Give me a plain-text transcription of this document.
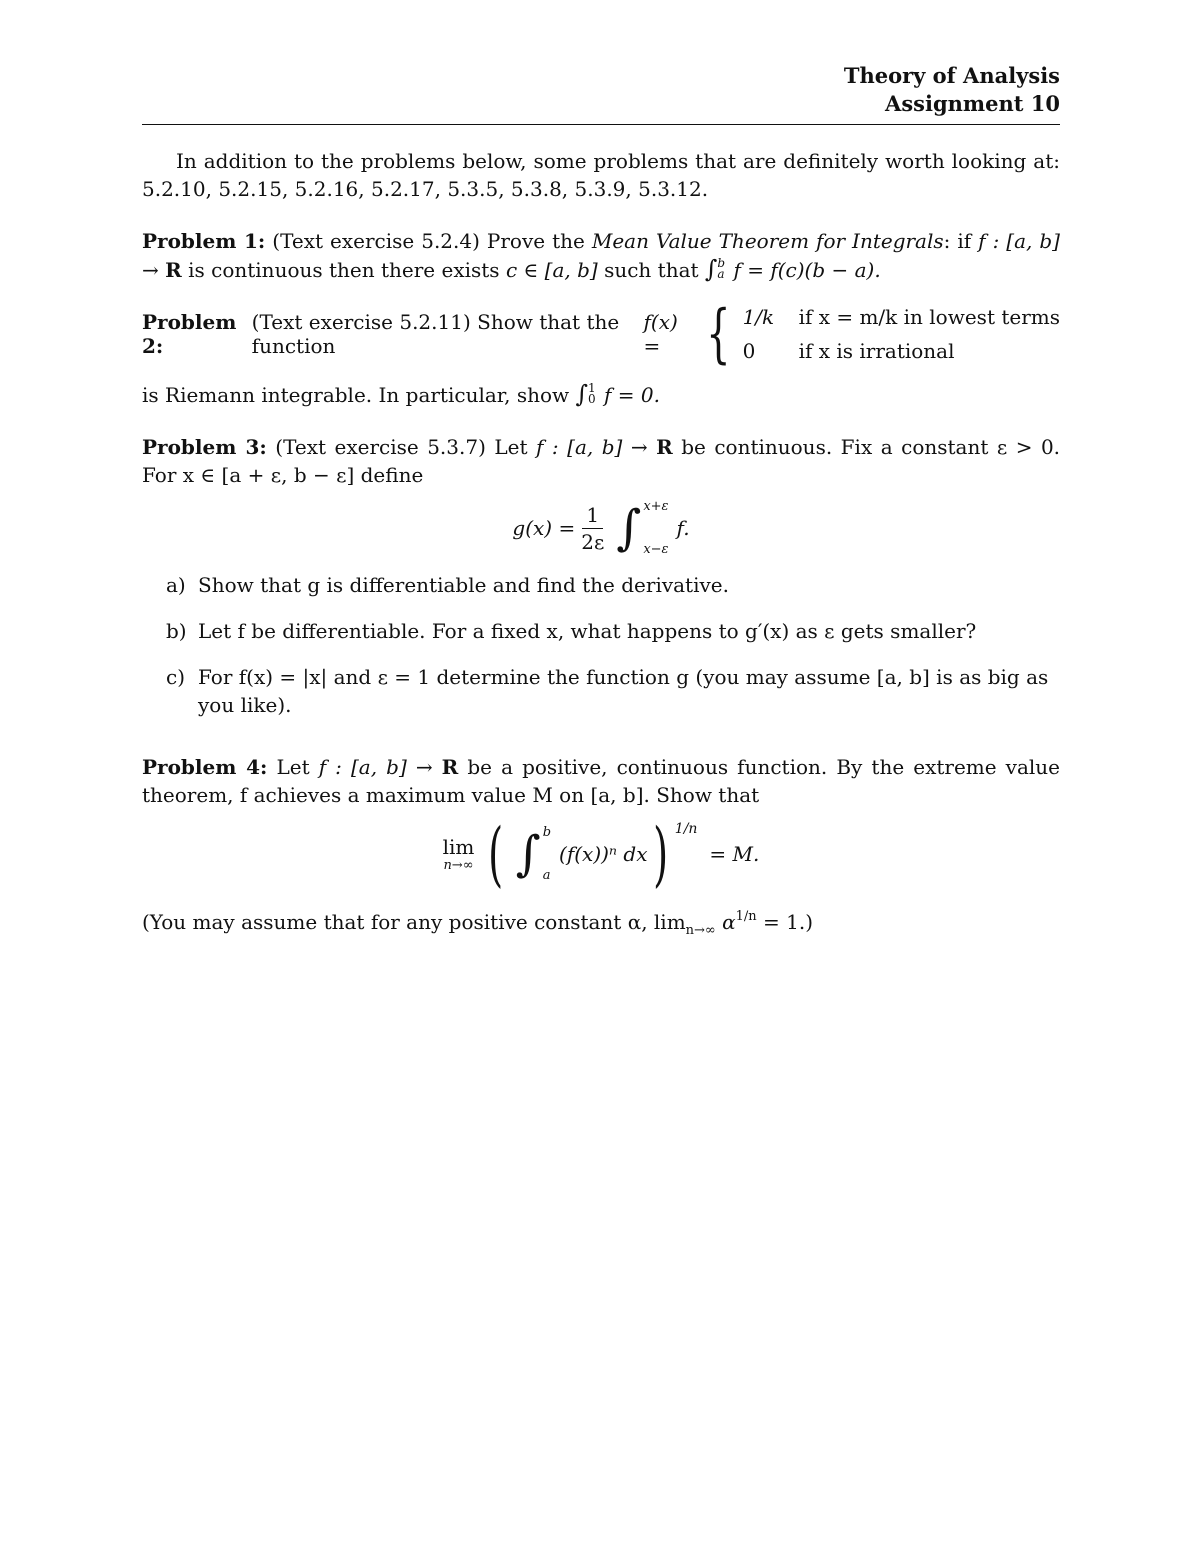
Theory of Analysis
Assignment 10

In addition to the problems below, some problems that are definitely worth looking at: 5.2.10, 5.2.15, 5.2.16, 5.2.17, 5.3.5, 5.3.8, 5.3.9, 5.3.12.

Problem 1: (Text exercise 5.2.4) Prove the Mean Value Theorem for Integrals: if f : [a, b] → R is continuous then there exists c ∈ [a, b] such that ∫ b
a f = f(c)(b − a).

Problem 2:

(Text exercise 5.2.11) Show that the function

f(x) = { 1/k	if x = m/k in lowest terms
0	if x is irrational

is Riemann integrable. In particular, show ∫ 1
0 f = 0.

Problem 3: (Text exercise 5.3.7) Let f : [a, b] → R be continuous. Fix a constant ε > 0. For x ∈ [a + ε, b − ε] define

$g(x) = \frac{1}{2\varepsilon}$ ∫ x+ε
x−ε
f.
a) Show that g is differentiable and find the derivative.
b) Let f be differentiable. For a fixed x, what happens to g′(x) as ε gets smaller?
c) For f(x) = |x| and ε = 1 determine the function g (you may assume [a, b] is as big as you like).

Problem 4: Let f : [a, b] → R be a positive, continuous function. By the extreme value theorem, f achieves a maximum value M on [a, b]. Show that

lim
n→∞ ( ∫ b
a
(f(x))ⁿ dx ) 1/n
= M.

(You may assume that for any positive constant α, $\lim_{n\to\infty} \alpha^{1/n} = 1$.)
